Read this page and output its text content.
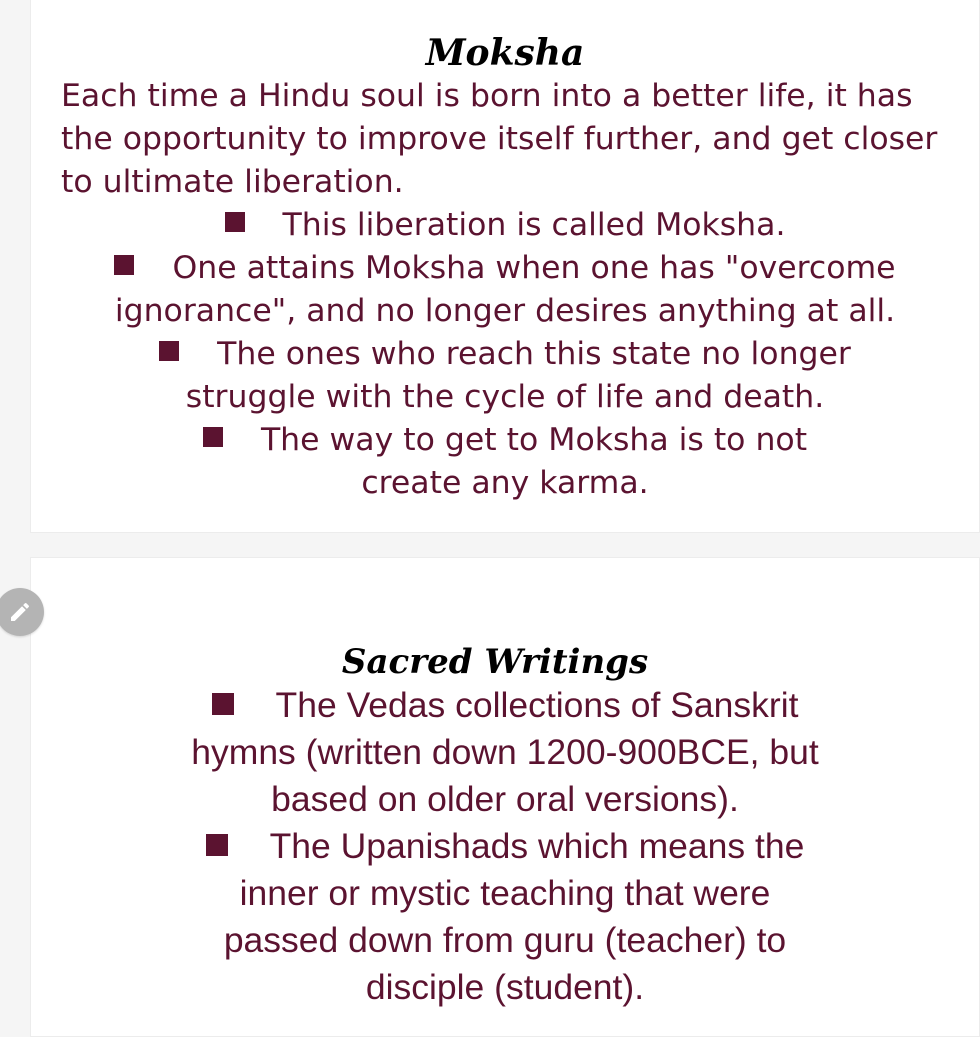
Moksha

Each time a Hindu soul is born into a better life, it has the opportunity to improve itself further, and get closer to ultimate liberation.

This liberation is called Moksha.

One attains Moksha when one has "overcome ignorance", and no longer desires anything at all.

The ones who reach this state no longer struggle with the cycle of life and death.

The way to get to Moksha is to not create any karma.

Sacred Writings

The Vedas collections of Sanskrit hymns (written down 1200-900BCE, but based on older oral versions).

The Upanishads which means the inner or mystic teaching that were passed down from guru (teacher) to disciple (student).
